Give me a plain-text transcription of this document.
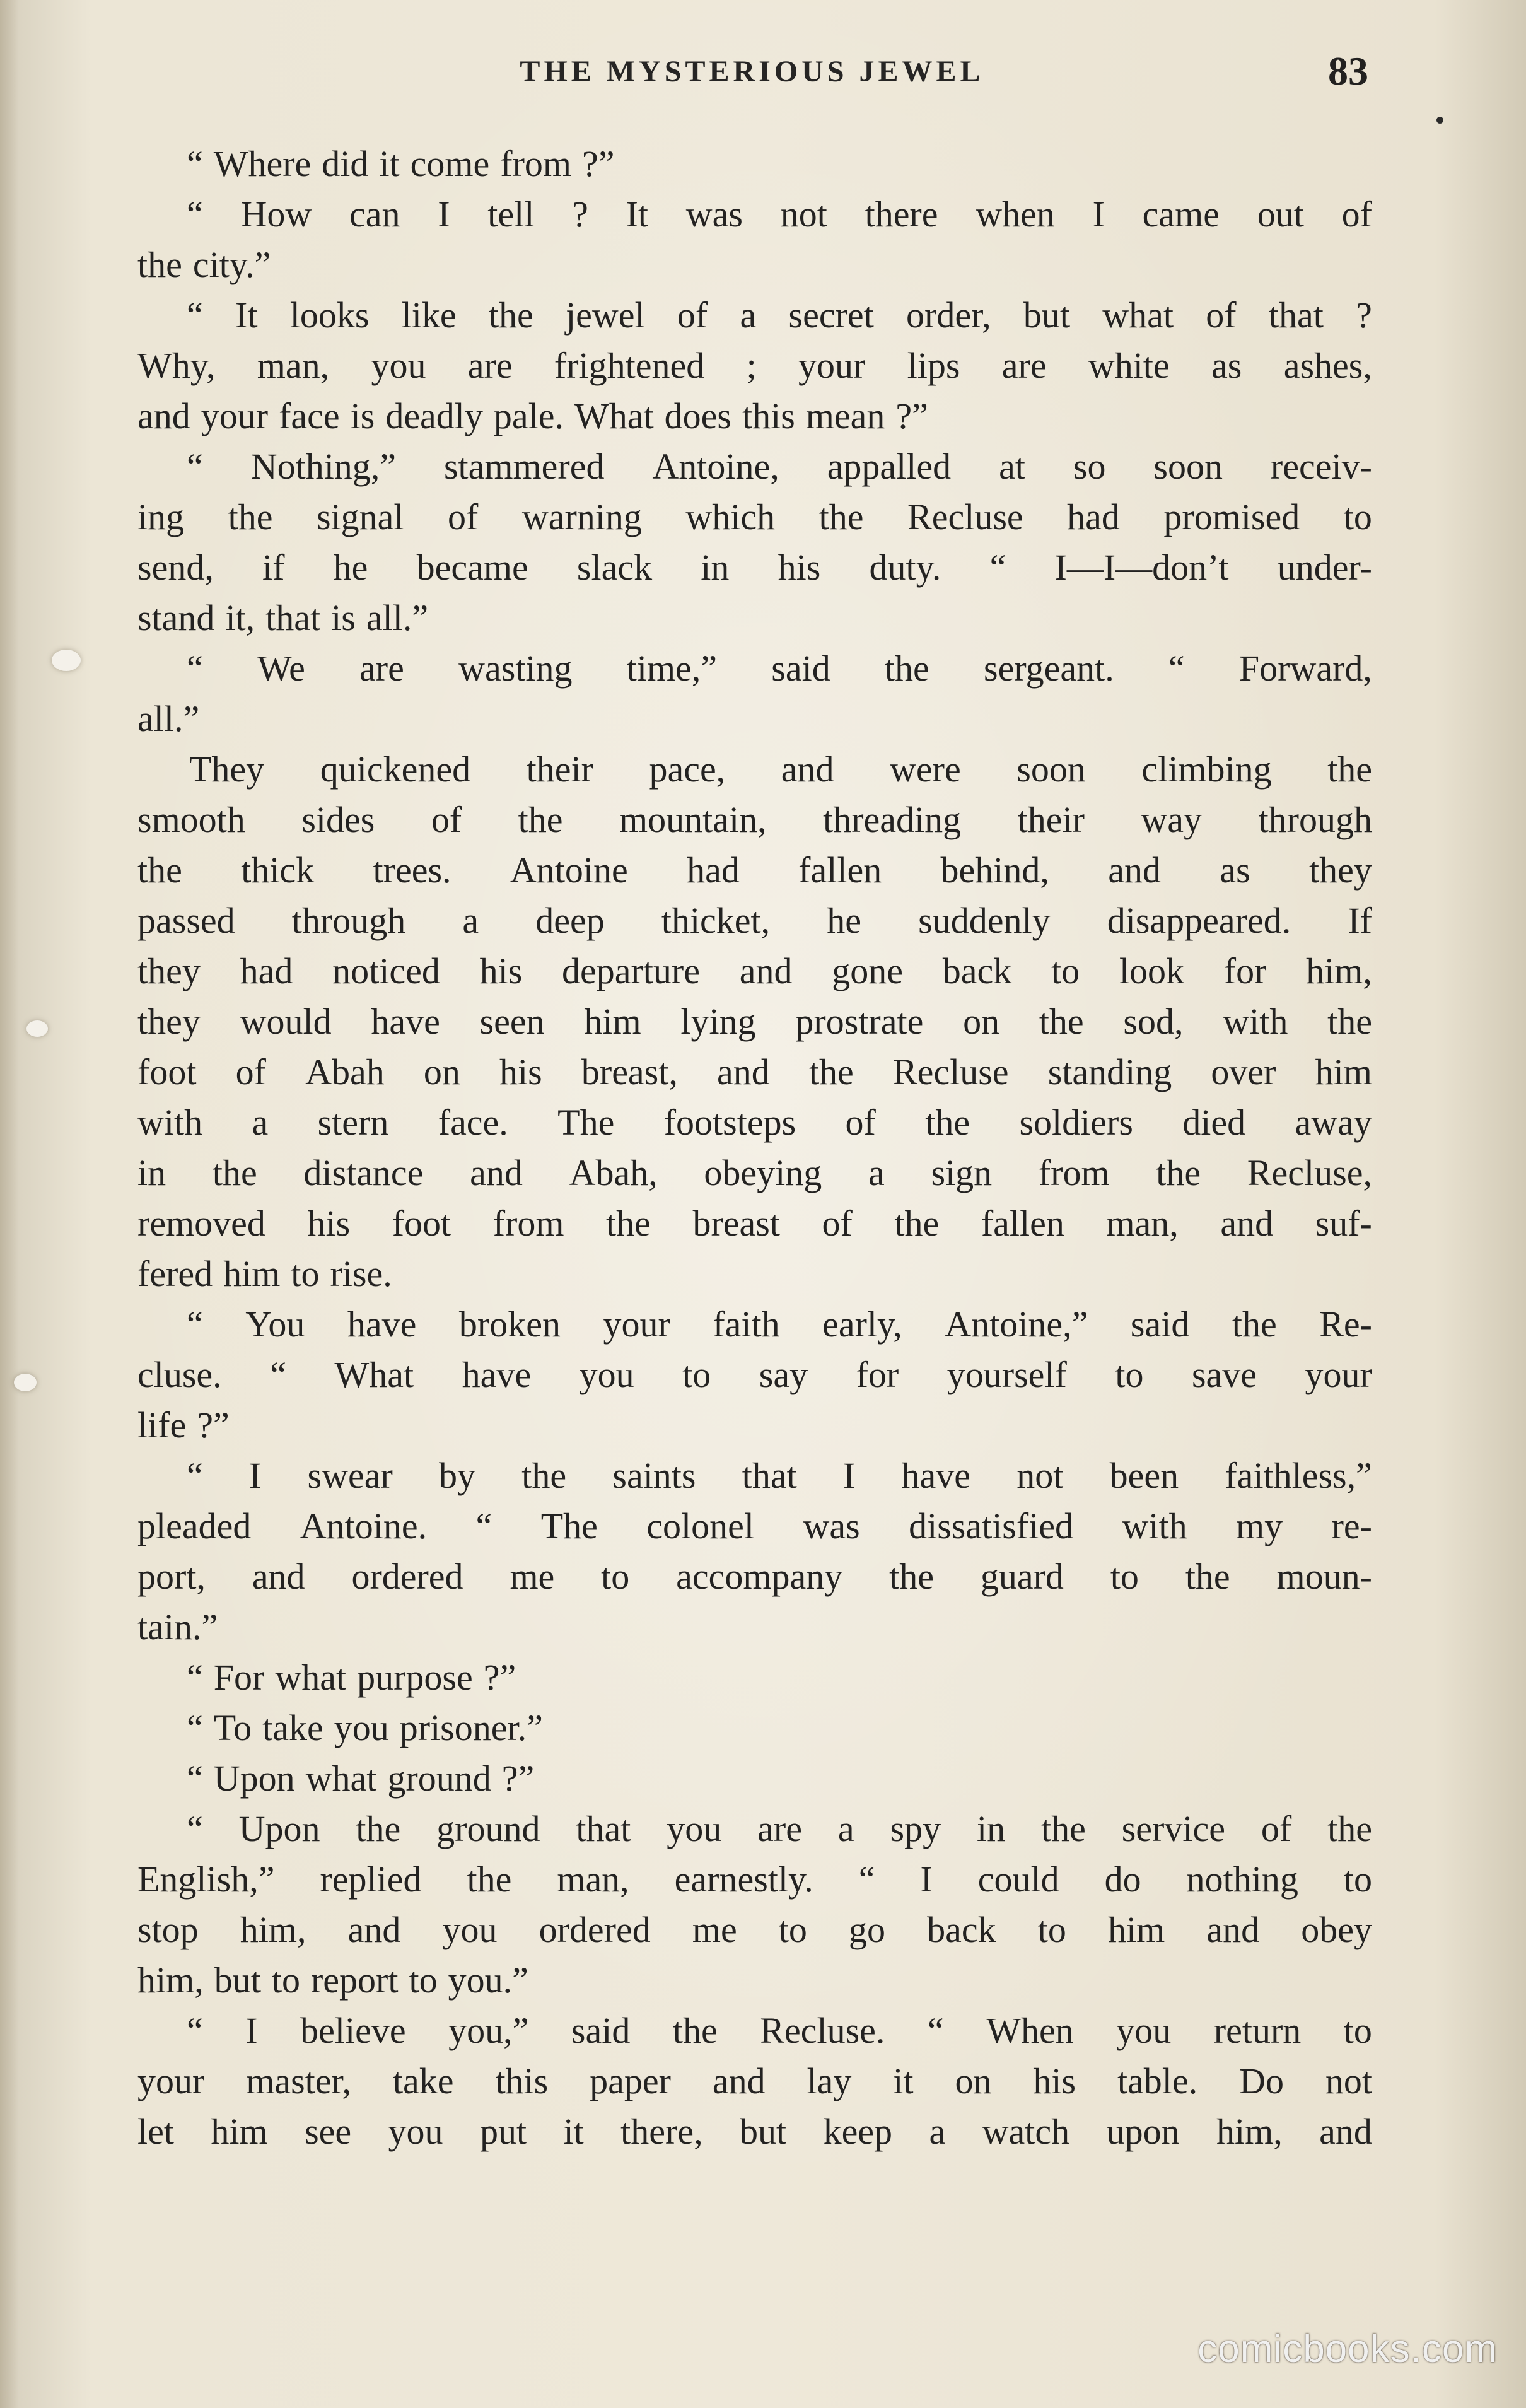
THE MYSTERIOUS JEWEL	83
“ Where did it come from ?”
“ How can I tell ? It was not there when I came out of
the city.”
“ It looks like the jewel of a secret order, but what of that ?
Why, man, you are frightened ; your lips are white as ashes,
and your face is deadly pale. What does this mean ?”
“ Nothing,” stammered Antoine, appalled at so soon receiv-
ing the signal of warning which the Recluse had promised to
send, if he became slack in his duty. “ I—I—don’t under-
stand it, that is all.”
“ We are wasting time,” said the sergeant. “ Forward,
all.”
They quickened their pace, and were soon climbing the
smooth sides of the mountain, threading their way through
the thick trees. Antoine had fallen behind, and as they
passed through a deep thicket, he suddenly disappeared. If
they had noticed his departure and gone back to look for him,
they would have seen him lying prostrate on the sod, with the
foot of Abah on his breast, and the Recluse standing over him
with a stern face. The footsteps of the soldiers died away
in the distance and Abah, obeying a sign from the Recluse,
removed his foot from the breast of the fallen man, and suf-
fered him to rise.
“ You have broken your faith early, Antoine,” said the Re-
cluse. “ What have you to say for yourself to save your
life ?”
“ I swear by the saints that I have not been faithless,”
pleaded Antoine. “ The colonel was dissatisfied with my re-
port, and ordered me to accompany the guard to the moun-
tain.”
“ For what purpose ?”
“ To take you prisoner.”
“ Upon what ground ?”
“ Upon the ground that you are a spy in the service of the
English,” replied the man, earnestly. “ I could do nothing to
stop him, and you ordered me to go back to him and obey
him, but to report to you.”
“ I believe you,” said the Recluse. “ When you return to
your master, take this paper and lay it on his table. Do not
let him see you put it there, but keep a watch upon him, and
comicbooks.com
